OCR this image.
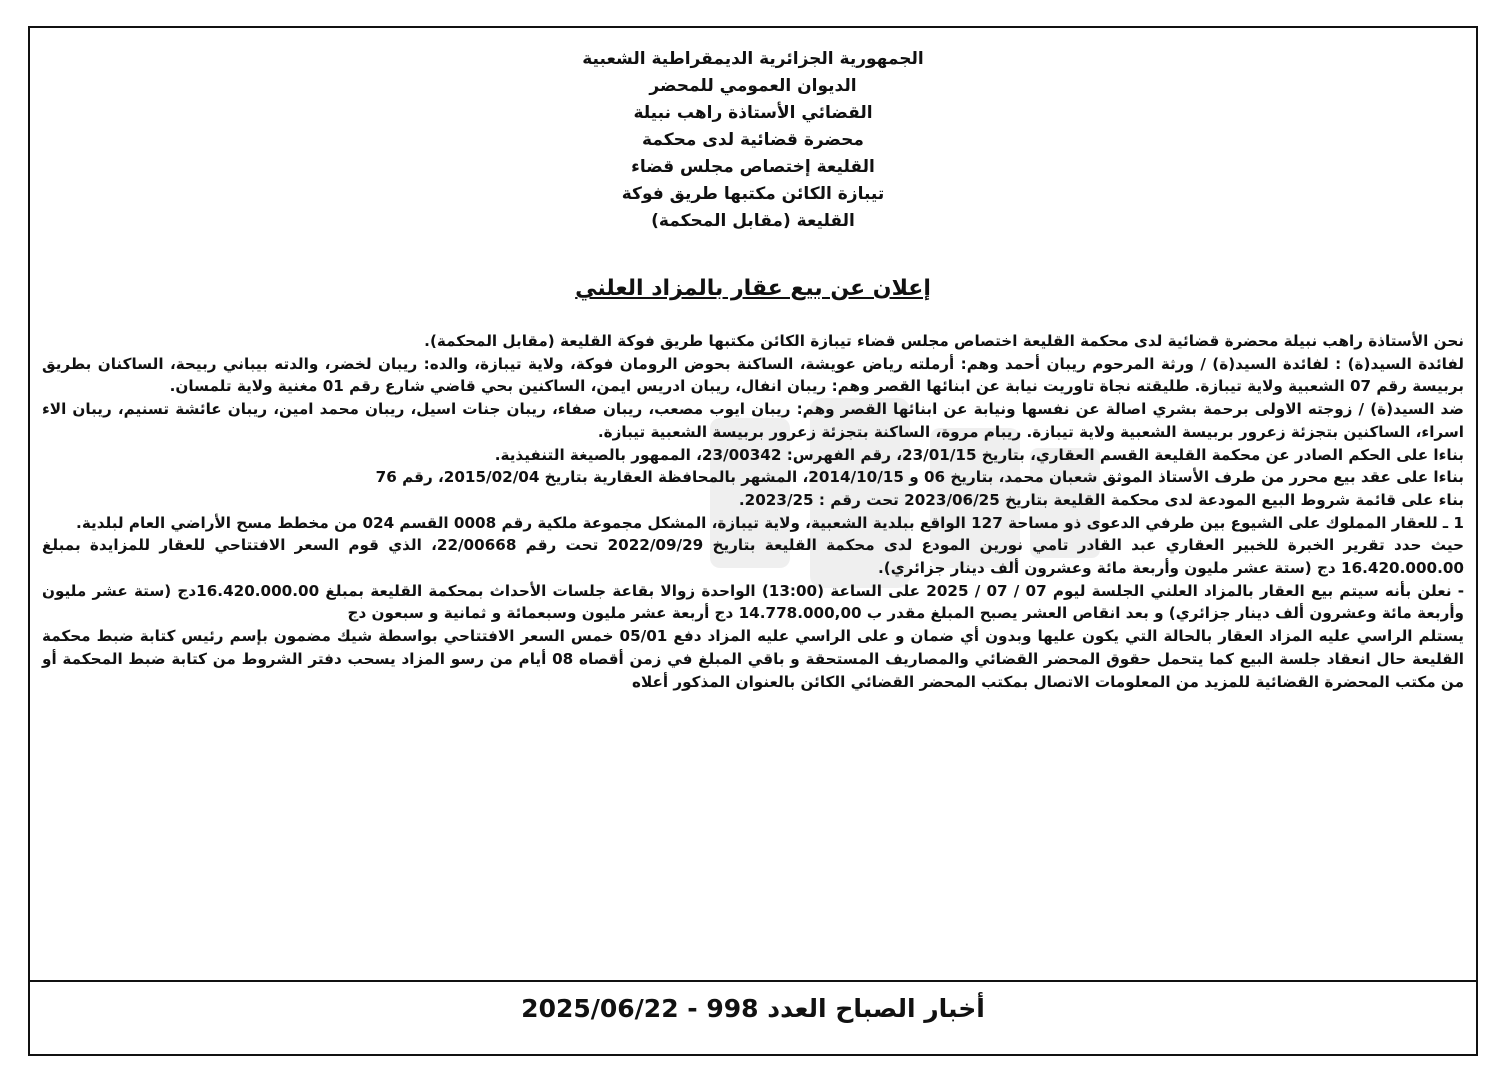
الجمهورية الجزائرية الديمقراطية الشعبية
الديوان العمومي للمحضر
القضائي الأستاذة راهب نبيلة
محضرة قضائية لدى محكمة
القليعة إختصاص مجلس قضاء
تيبازة الكائن مكتبها طريق فوكة
القليعة (مقابل المحكمة)
إعلان عن بيع عقار بالمزاد العلني

نحن الأستاذة راهب نبيلة محضرة قضائية لدى محكمة القليعة اختصاص مجلس قضاء تيبازة الكائن مكتبها طريق فوكة القليعة (مقابل المحكمة).

لفائدة السيد(ة) : لفائدة السيد(ة) / ورثة المرحوم ريبان أحمد وهم: أرملته رياض عويشة، الساكنة بحوض الرومان فوكة، ولاية تيبازة، والده: ريبان لخضر، والدته بيباني ربيحة، الساكنان بطريق بربيسة رقم 07 الشعبية ولاية تيبازة. طليقته نجاة تاوريت نيابة عن ابنائها القصر وهم: ريبان انفال، ريبان ادريس ايمن، الساكنين بحي قاضي شارع رقم 01 مغنية ولاية تلمسان.

ضد السيد(ة) / زوجته الاولى برحمة بشري اصالة عن نفسها ونيابة عن ابنائها القصر وهم: ريبان ايوب مصعب، ريبان صفاء، ريبان جنات اسيل، ريبان محمد امين، ريبان عائشة تسنيم، ريبان الاء اسراء، الساكنين بتجزئة زعرور بربيسة الشعبية ولاية تيبازة. ريبام مروة، الساكنة بتجزئة زعرور بربيسة الشعبية تيبازة.

بناءا على الحكم الصادر عن محكمة القليعة القسم العقاري، بتاريخ 23/01/15، رقم الفهرس: 23/00342، الممهور بالصيغة التنفيذية.

بناءا على عقد بيع محرر من طرف الأستاذ الموثق شعبان محمد، بتاريخ 06 و 2014/10/15، المشهر بالمحافظة العقارية بتاريخ 2015/02/04، رقم 76

بناء على قائمة شروط البيع المودعة لدى محكمة القليعة بتاريخ 2023/06/25 تحت رقم : 2023/25.

1 ـ للعقار المملوك على الشيوع بين طرفي الدعوى ذو مساحة 127 الواقع ببلدية الشعبية، ولاية تيبازة، المشكل مجموعة ملكية رقم 0008 القسم 024 من مخطط مسح الأراضي العام لبلدية.

حيث حدد تقرير الخبرة للخبير العقاري عبد القادر تامي نورين المودع لدى محكمة القليعة بتاريخ 2022/09/29 تحت رقم 22/00668، الذي قوم السعر الافتتاحي للعقار للمزايدة بمبلغ 16.420.000.00 دج (ستة عشر مليون وأربعة مائة وعشرون ألف دينار جزائري).

- نعلن بأنه سيتم بيع العقار بالمزاد العلني الجلسة ليوم 07 / 07 / 2025 على الساعة (13:00) الواحدة زوالا بقاعة جلسات الأحداث بمحكمة القليعة بمبلغ 16.420.000.00دج (ستة عشر مليون وأربعة مائة وعشرون ألف دينار جزائري) و بعد انقاص العشر يصبح المبلغ مقدر ب 14.778.000,00 دج أربعة عشر مليون وسبعمائة و ثمانية و سبعون دج

يستلم الراسي عليه المزاد العقار بالحالة التي يكون عليها وبدون أي ضمان و على الراسي عليه المزاد دفع 05/01 خمس السعر الافتتاحي بواسطة شيك مضمون بإسم رئيس كتابة ضبط محكمة القليعة حال انعقاد جلسة البيع كما يتحمل حقوق المحضر القضائي والمصاريف المستحقة و باقي المبلغ في زمن أقصاه 08 أيام من رسو المزاد يسحب دفتر الشروط من كتابة ضبط المحكمة أو من مكتب المحضرة القضائية للمزيد من المعلومات الاتصال بمكتب المحضر القضائي الكائن بالعنوان المذكور أعلاه

أخبار الصباح العدد 998 - 2025/06/22
